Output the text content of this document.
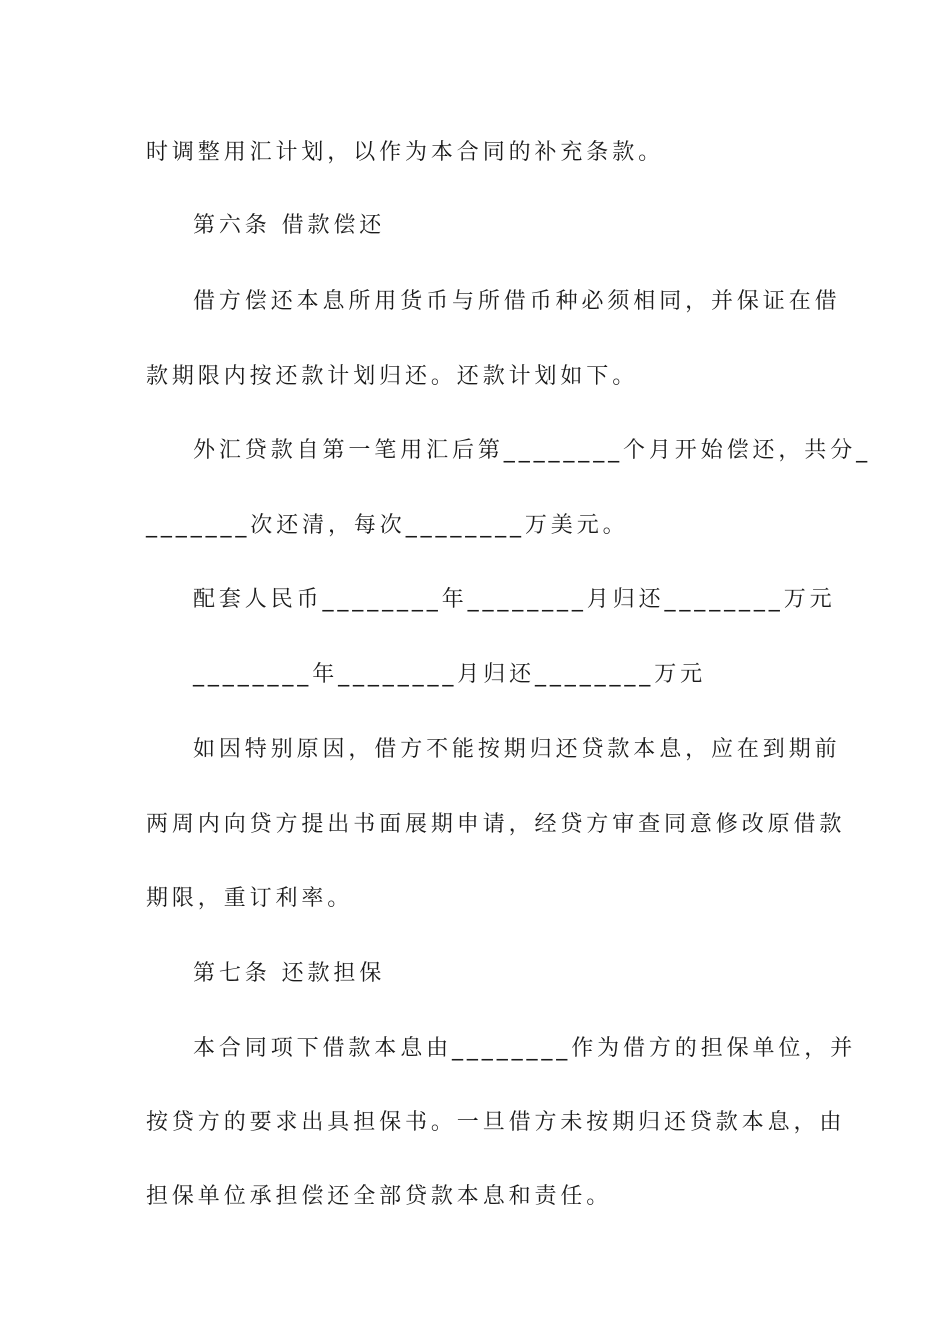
时调整用汇计划，以作为本合同的补充条款。
第六条 借款偿还
借方偿还本息所用货币与所借币种必须相同，并保证在借
款期限内按还款计划归还。还款计划如下。
外汇贷款自第一笔用汇后第________个月开始偿还，共分_
_______次还清，每次________万美元。
配套人民币________年________月归还________万元
________年________月归还________万元
如因特别原因，借方不能按期归还贷款本息，应在到期前
两周内向贷方提出书面展期申请，经贷方审查同意修改原借款
期限，重订利率。
第七条 还款担保
本合同项下借款本息由________作为借方的担保单位，并
按贷方的要求出具担保书。一旦借方未按期归还贷款本息，由
担保单位承担偿还全部贷款本息和责任。
